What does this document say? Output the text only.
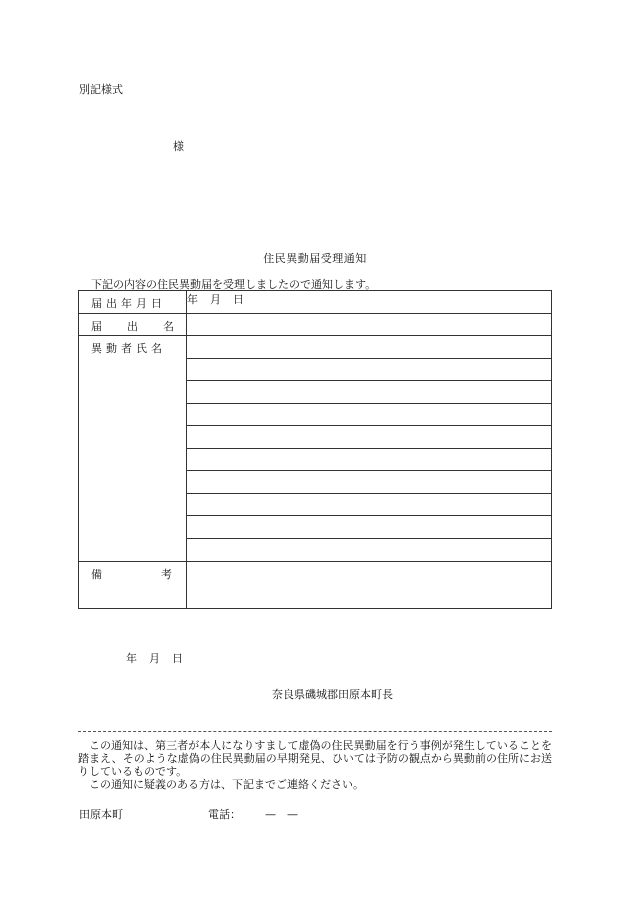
別記様式
様
住民異動届受理通知
下記の内容の住民異動届を受理しましたので通知します。
届出年月日	年 月 日

届 出 名	

異動者氏名	

備 考	

年 月 日
奈良県磯城郡田原本町長

この通知は、第三者が本人になりすまして虚偽の住民異動届を行う事例が発生していることを踏まえ、そのような虚偽の住民異動届の早期発見、ひいては予防の観点から異動前の住所にお送りしているものです。

この通知に疑義のある方は、下記までご連絡ください。

田原本町	電話： —　—
